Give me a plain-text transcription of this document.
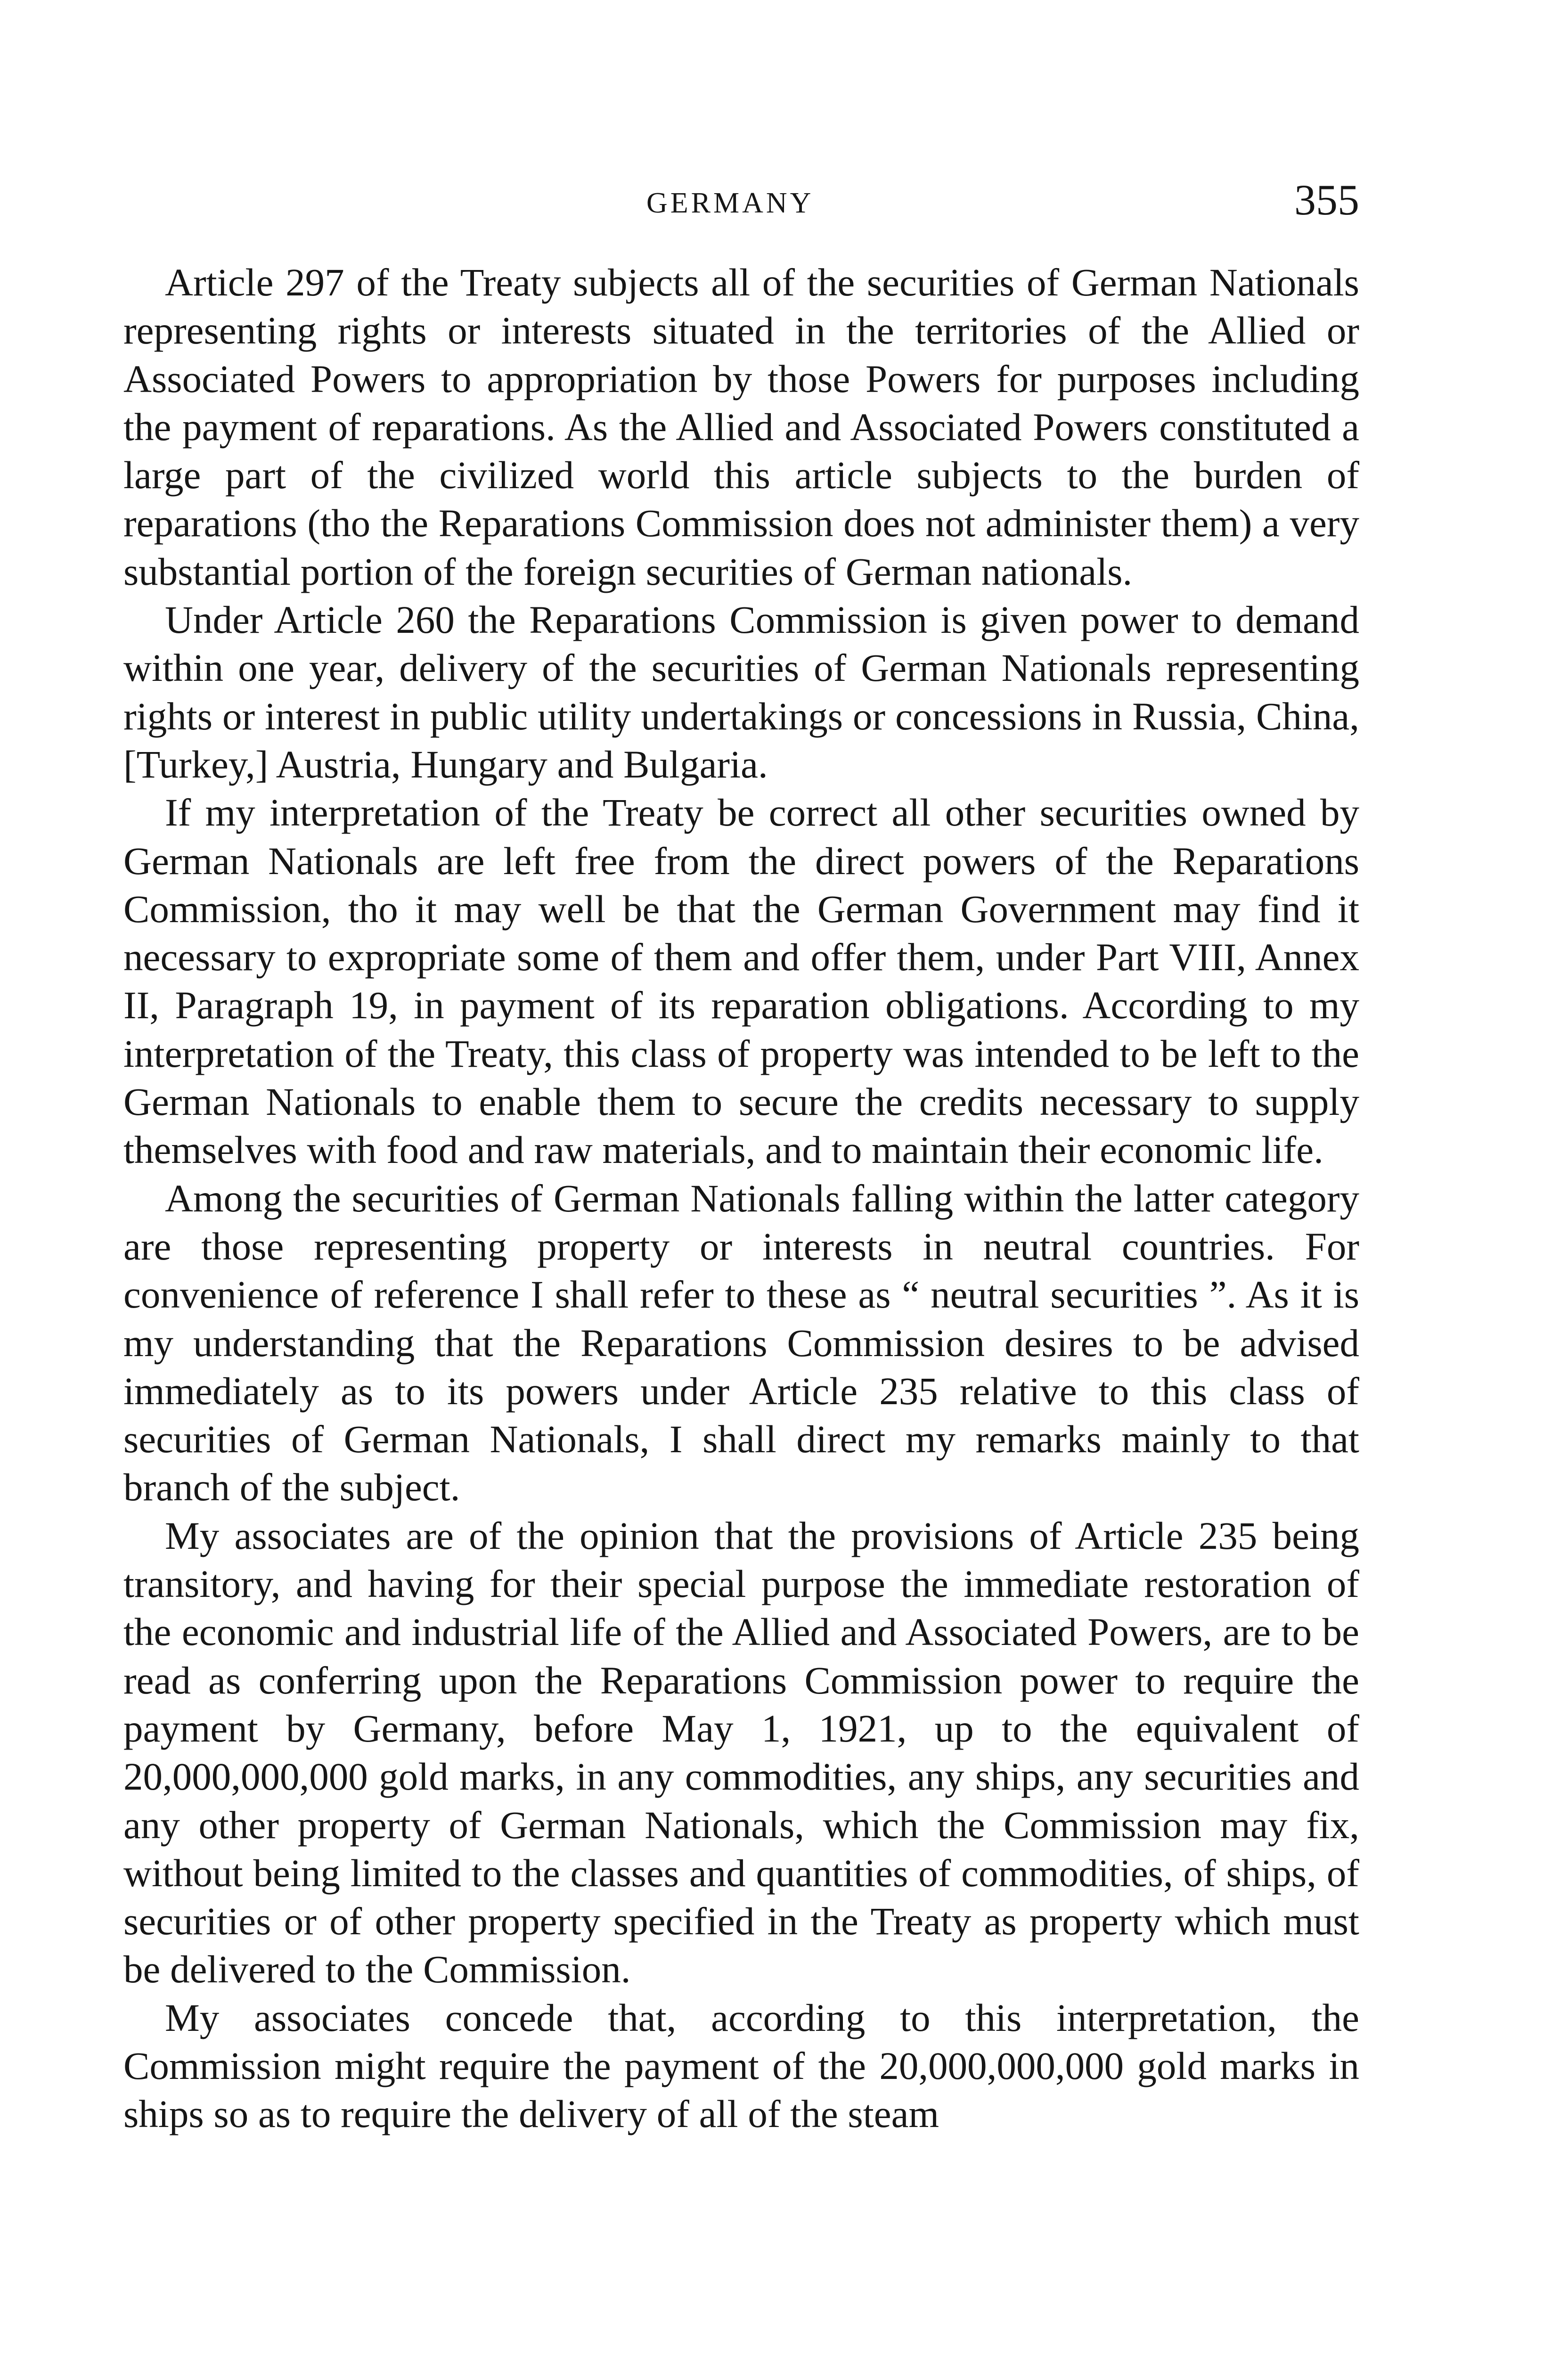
GERMANY	355

Article 297 of the Treaty subjects all of the securities of German Nationals representing rights or interests situated in the territories of the Allied or Associated Powers to appropriation by those Powers for purposes including the payment of reparations. As the Allied and Associated Powers constituted a large part of the civilized world this article subjects to the burden of reparations (tho the Reparations Commission does not administer them) a very substantial portion of the foreign securities of German nationals.

Under Article 260 the Reparations Commission is given power to demand within one year, delivery of the securities of German Nationals representing rights or interest in public utility undertakings or concessions in Russia, China, [Turkey,] Austria, Hungary and Bulgaria.

If my interpretation of the Treaty be correct all other securities owned by German Nationals are left free from the direct powers of the Reparations Commission, tho it may well be that the German Government may find it necessary to expropriate some of them and offer them, under Part VIII, Annex II, Paragraph 19, in payment of its reparation obligations. According to my interpretation of the Treaty, this class of property was intended to be left to the German Nationals to enable them to secure the credits necessary to supply themselves with food and raw materials, and to maintain their economic life.

Among the securities of German Nationals falling within the latter category are those representing property or interests in neutral countries. For convenience of reference I shall refer to these as “ neutral securities ”. As it is my understanding that the Reparations Commission desires to be advised immediately as to its powers under Article 235 relative to this class of securities of German Nationals, I shall direct my remarks mainly to that branch of the subject.

My associates are of the opinion that the provisions of Article 235 being transitory, and having for their special purpose the immediate restoration of the economic and industrial life of the Allied and Associated Powers, are to be read as conferring upon the Reparations Commission power to require the payment by Germany, before May 1, 1921, up to the equivalent of 20,000,000,000 gold marks, in any commodities, any ships, any securities and any other property of German Nationals, which the Commission may fix, without being limited to the classes and quantities of commodities, of ships, of securities or of other property specified in the Treaty as property which must be delivered to the Commission.

My associates concede that, according to this interpretation, the Commission might require the payment of the 20,000,000,000 gold marks in ships so as to require the delivery of all of the steam
